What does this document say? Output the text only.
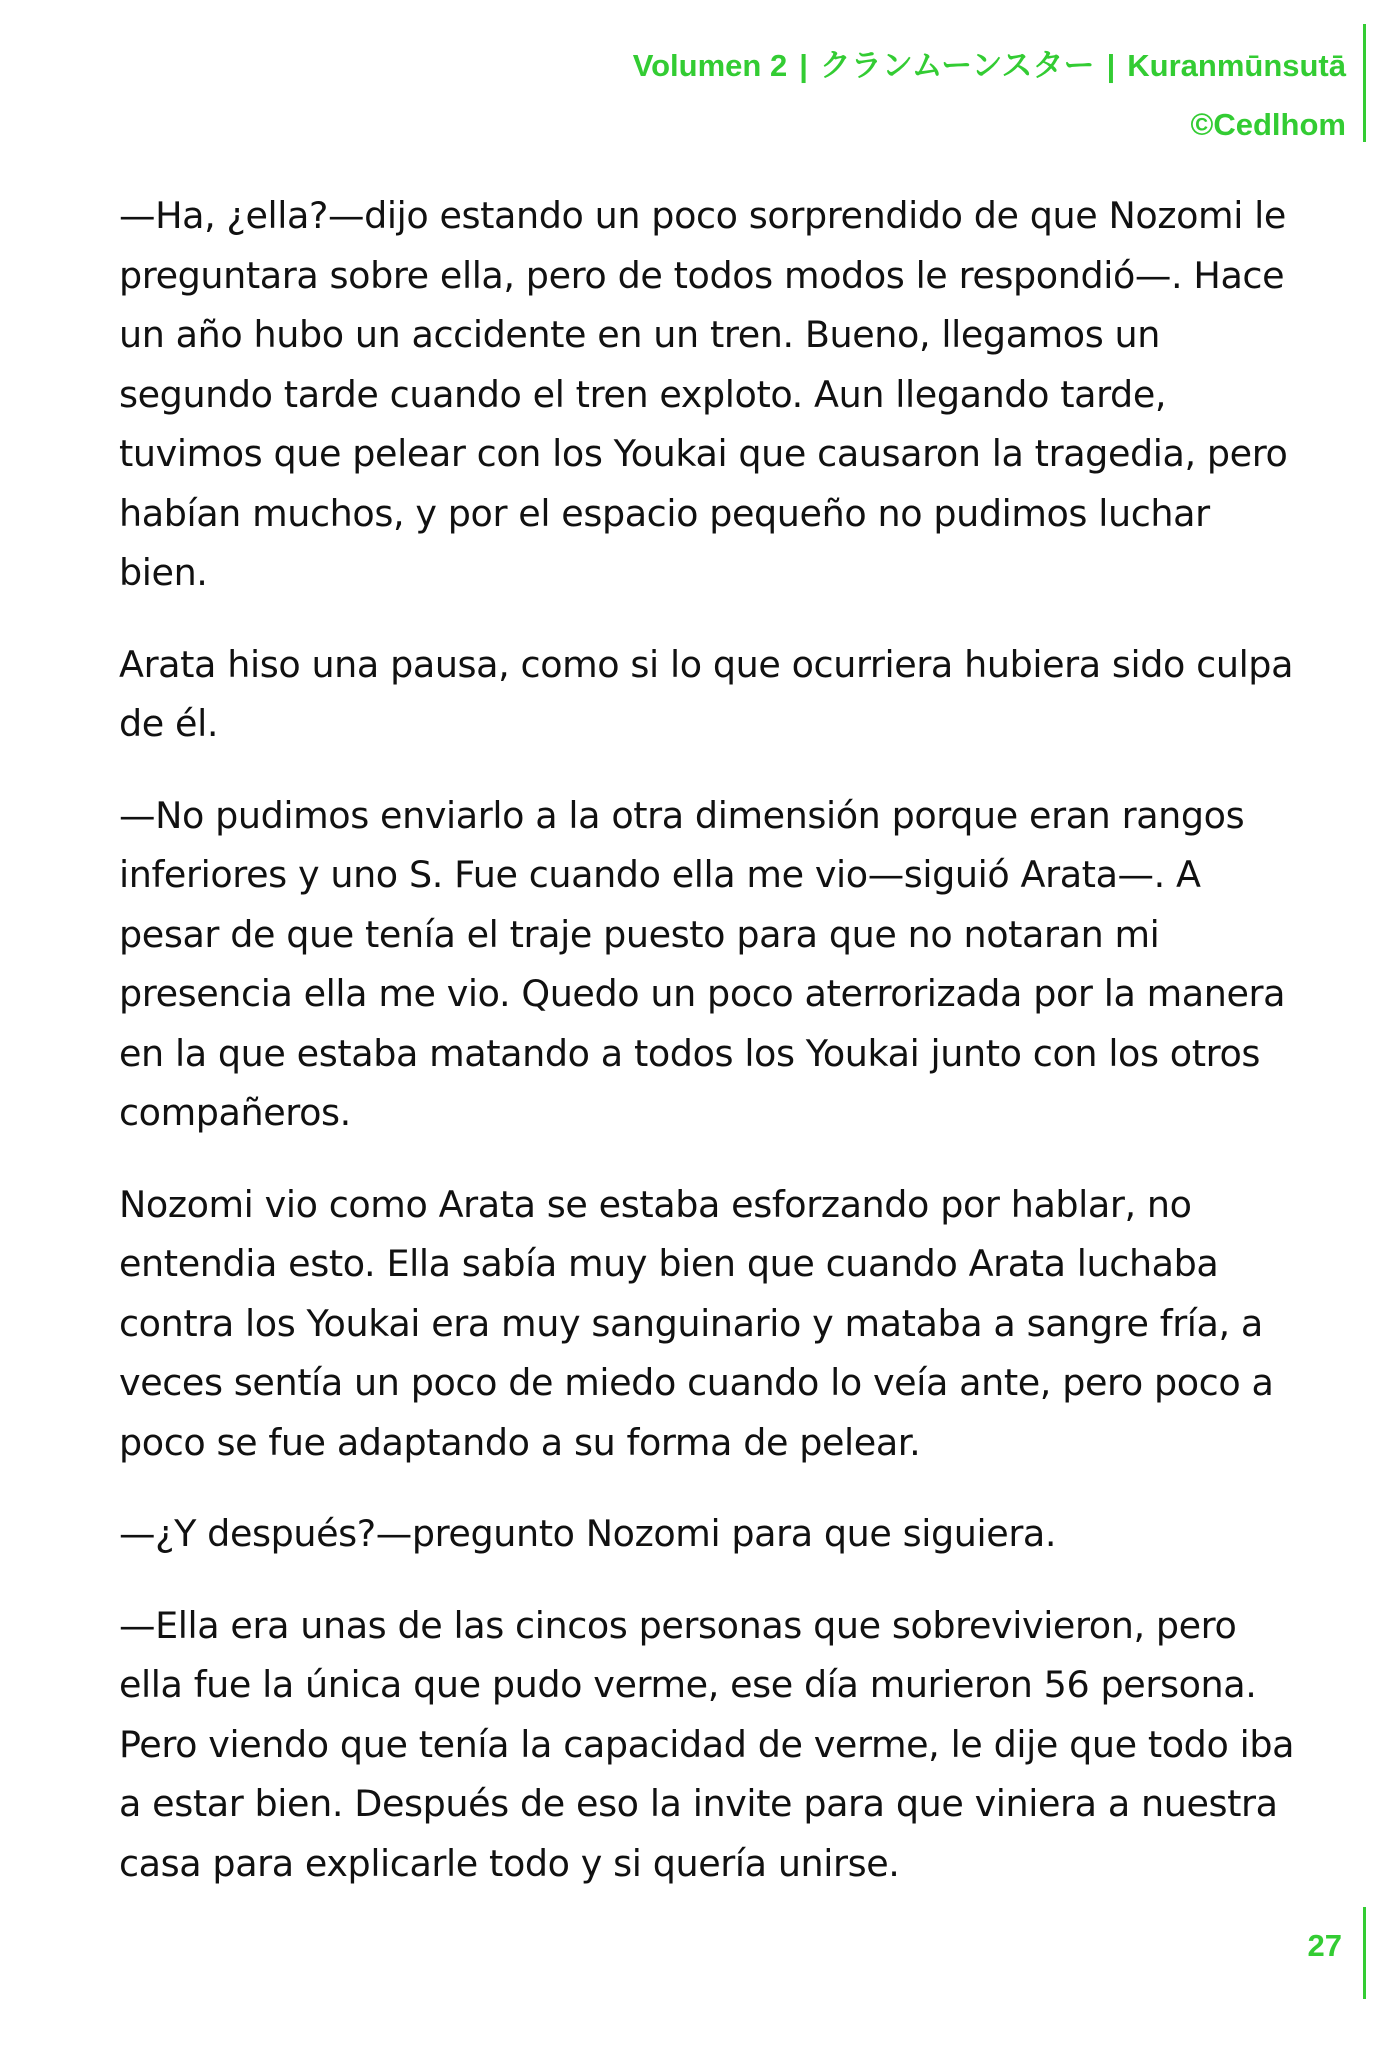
Volumen 2 | クランムーンスター | Kuranmūnsutā
©Cedlhom

—Ha, ¿ella?—dijo estando un poco sorprendido de que Nozomi le preguntara sobre ella, pero de todos modos le respondió—. Hace un año hubo un accidente en un tren. Bueno, llegamos un segundo tarde cuando el tren exploto. Aun llegando tarde, tuvimos que pelear con los Youkai que causaron la tragedia, pero habían muchos, y por el espacio pequeño no pudimos luchar bien.

Arata hiso una pausa, como si lo que ocurriera hubiera sido culpa de él.

—No pudimos enviarlo a la otra dimensión porque eran rangos inferiores y uno S. Fue cuando ella me vio—siguió Arata—. A pesar de que tenía el traje puesto para que no notaran mi presencia ella me vio. Quedo un poco aterrorizada por la manera en la que estaba matando a todos los Youkai junto con los otros compañeros.

Nozomi vio como Arata se estaba esforzando por hablar, no entendia esto. Ella sabía muy bien que cuando Arata luchaba contra los Youkai era muy sanguinario y mataba a sangre fría, a veces sentía un poco de miedo cuando lo veía ante, pero poco a poco se fue adaptando a su forma de pelear.

—¿Y después?—pregunto Nozomi para que siguiera.

—Ella era unas de las cincos personas que sobrevivieron, pero ella fue la única que pudo verme, ese día murieron 56 persona. Pero viendo que tenía la capacidad de verme, le dije que todo iba a estar bien. Después de eso la invite para que viniera a nuestra casa para explicarle todo y si quería unirse.

27
